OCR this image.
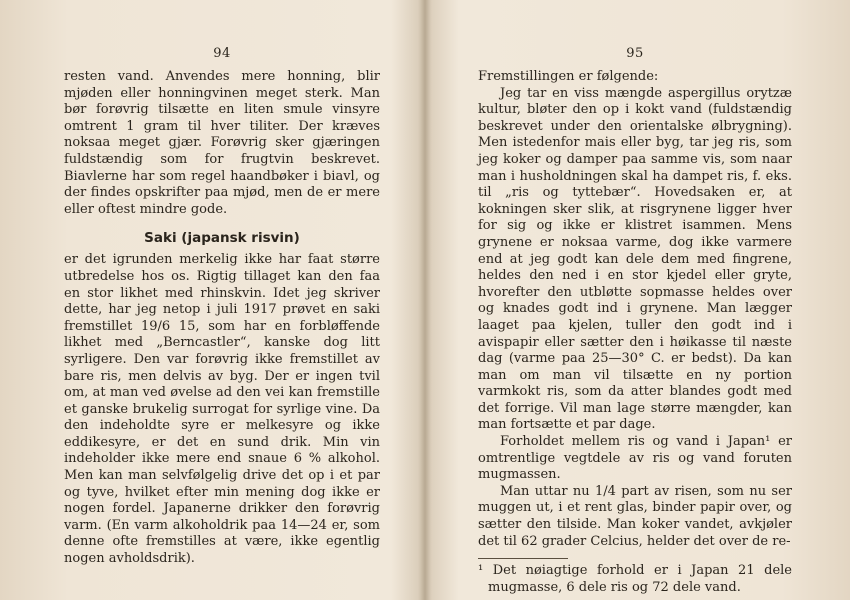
94

resten vand. Anvendes mere honning, blir mjøden eller honningvinen meget sterk. Man bør forøvrig tilsætte en liten smule vinsyre omtrent 1 gram til hver tiliter. Der kræves noksaa meget gjær. Forøvrig sker gjæringen fuldstændig som for frugtvin beskrevet. Biavlerne har som regel haandbøker i biavl, og der findes opskrifter paa mjød, men de er mere eller oftest mindre gode.

Saki (japansk risvin)

er det igrunden merkelig ikke har faat større utbredelse hos os. Rigtig tillaget kan den faa en stor likhet med rhinskvin. Idet jeg skriver dette, har jeg netop i juli 1917 prøvet en saki fremstillet 19/6 15, som har en forbløffende likhet med „Berncastler“, kanske dog litt syrligere. Den var forøvrig ikke fremstillet av bare ris, men delvis av byg. Der er ingen tvil om, at man ved øvelse ad den vei kan fremstille et ganske brukelig surrogat for syrlige vine. Da den indeholdte syre er melkesyre og ikke eddikesyre, er det en sund drik. Min vin indeholder ikke mere end snaue 6 % alkohol. Men kan man selvfølgelig drive det op i et par og tyve, hvilket efter min mening dog ikke er nogen fordel. Japanerne drikker den forøvrig varm. (En varm alkoholdrik paa 14—24 er, som denne ofte fremstilles at være, ikke egentlig nogen avholdsdrik).

95

Fremstillingen er følgende:

Jeg tar en viss mængde aspergillus orytzæ kultur, bløter den op i kokt vand (fuldstændig beskrevet under den orientalske ølbrygning). Men istedenfor mais eller byg, tar jeg ris, som jeg koker og damper paa samme vis, som naar man i husholdningen skal ha dampet ris, f. eks. til „ris og tyttebær“. Hovedsaken er, at kokningen sker slik, at risgrynene ligger hver for sig og ikke er klistret isammen. Mens grynene er noksaa varme, dog ikke varmere end at jeg godt kan dele dem med fingrene, heldes den ned i en stor kjedel eller gryte, hvorefter den utbløtte sopmasse heldes over og knades godt ind i grynene. Man lægger laaget paa kjelen, tuller den godt ind i avispapir eller sætter den i høikasse til næste dag (varme paa 25—30° C. er bedst). Da kan man om man vil tilsætte en ny portion varmkokt ris, som da atter blandes godt med det forrige. Vil man lage større mængder, kan man fortsætte et par dage.

Forholdet mellem ris og vand i Japan¹ er omtrentlige vegtdele av ris og vand foruten mugmassen.

Man uttar nu 1/4 part av risen, som nu ser muggen ut, i et rent glas, binder papir over, og sætter den tilside. Man koker vandet, avkjøler det til 62 grader Celcius, helder det over de re-

¹ Det nøiagtige forhold er i Japan 21 dele mugmasse, 6 dele ris og 72 dele vand.
